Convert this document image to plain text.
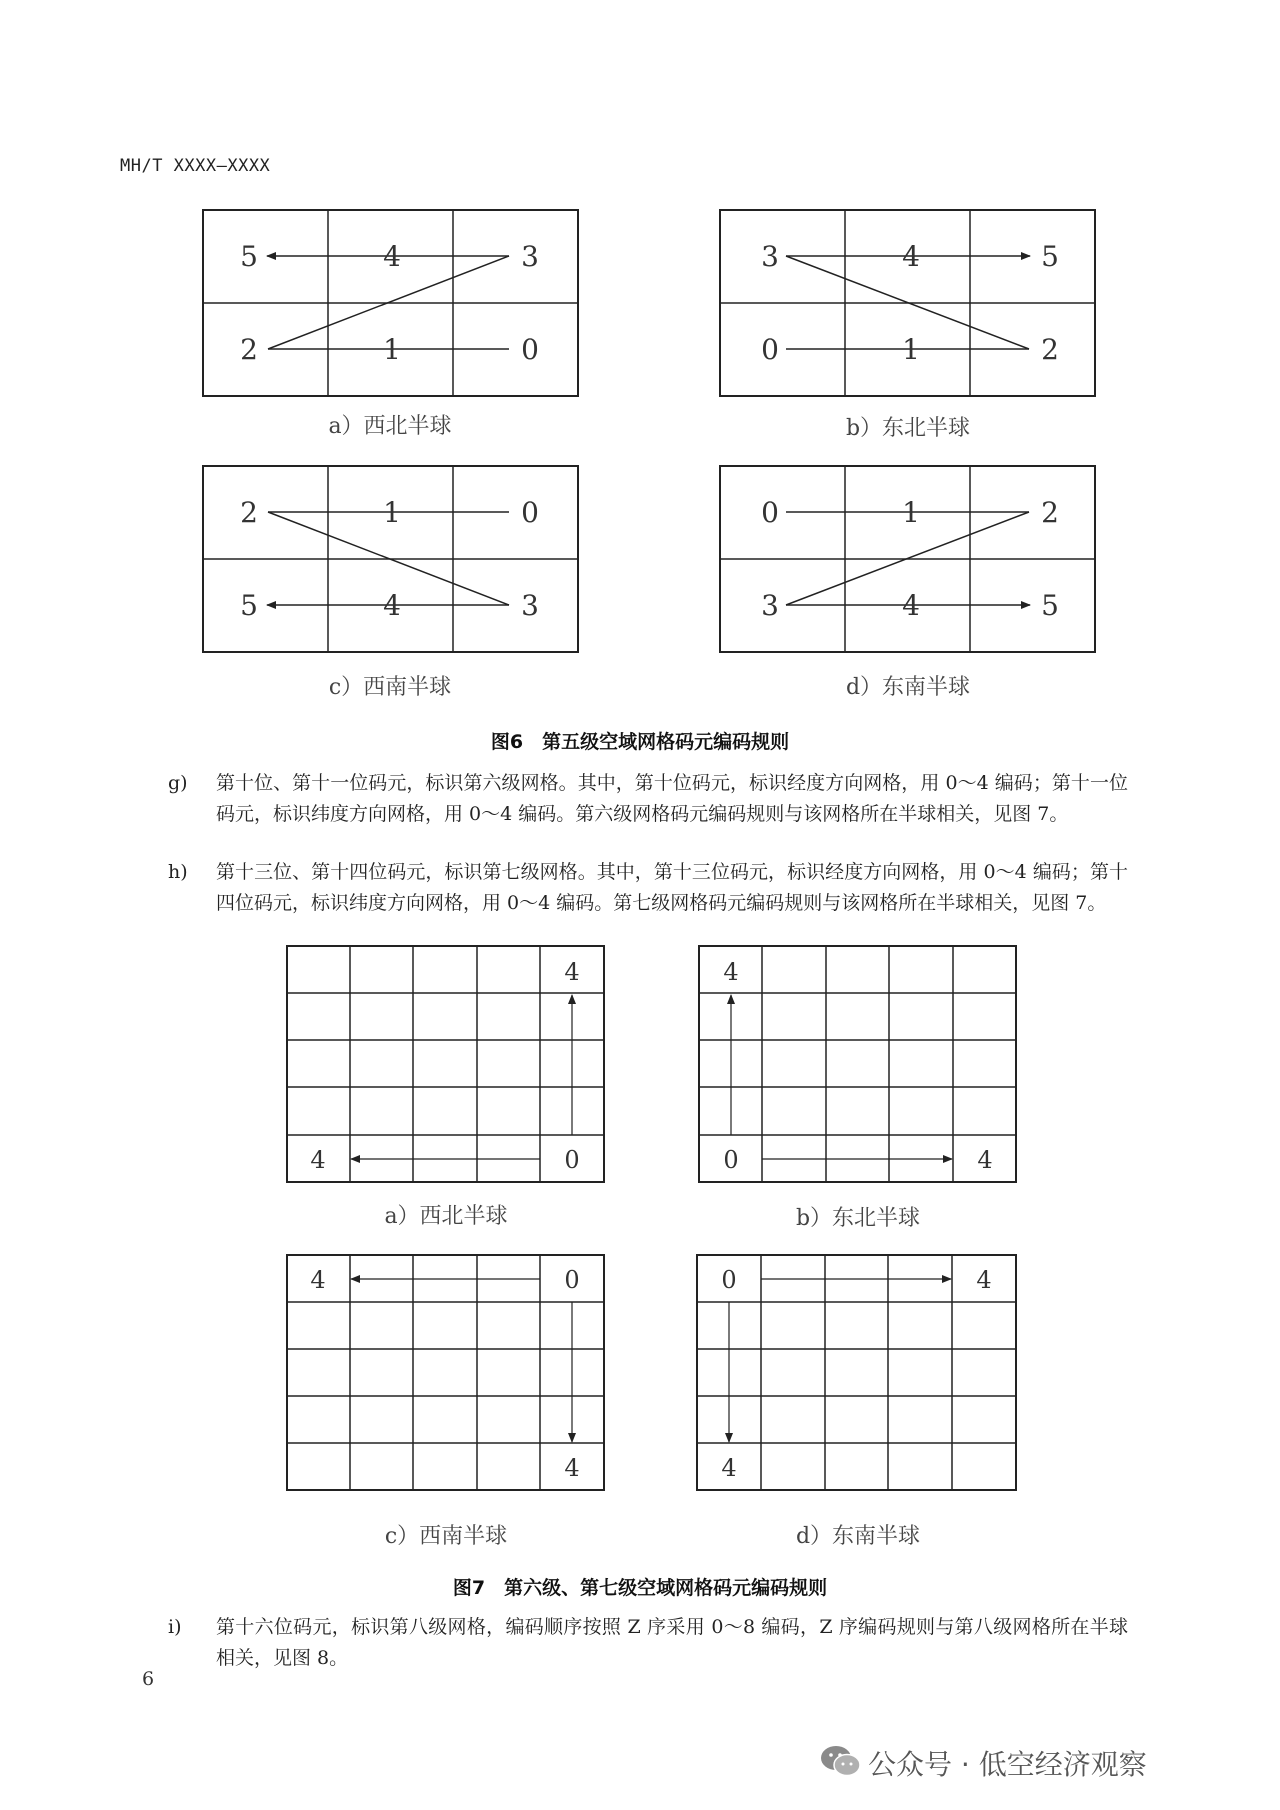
MH/T XXXX—XXXX
5	4	3
2	1	0
3	4	5
0	1	2
2	1	0
5	4	3
0	1	2
3	4	5
a）西北半球	b）东北半球
c）西南半球	d）东南半球
图6　第五级空域网格码元编码规则
g) 第十位、第十一位码元，标识第六级网格。其中，第十位码元，标识经度方向网格，用 0～4 编码；第十一位码元，标识纬度方向网格，用 0～4 编码。第六级网格码元编码规则与该网格所在半球相关，见图 7。
h) 第十三位、第十四位码元，标识第七级网格。其中，第十三位码元，标识经度方向网格，用 0～4 编码；第十四位码元，标识纬度方向网格，用 0～4 编码。第七级网格码元编码规则与该网格所在半球相关，见图 7。
4
4	0
4
0	4
4	0
4
0	4
4
a）西北半球	b）东北半球
c）西南半球	d）东南半球
图7　第六级、第七级空域网格码元编码规则
i) 第十六位码元，标识第八级网格，编码顺序按照 Z 序采用 0～8 编码，Z 序编码规则与第八级网格所在半球相关，见图 8。
6
公众号 · 低空经济观察
